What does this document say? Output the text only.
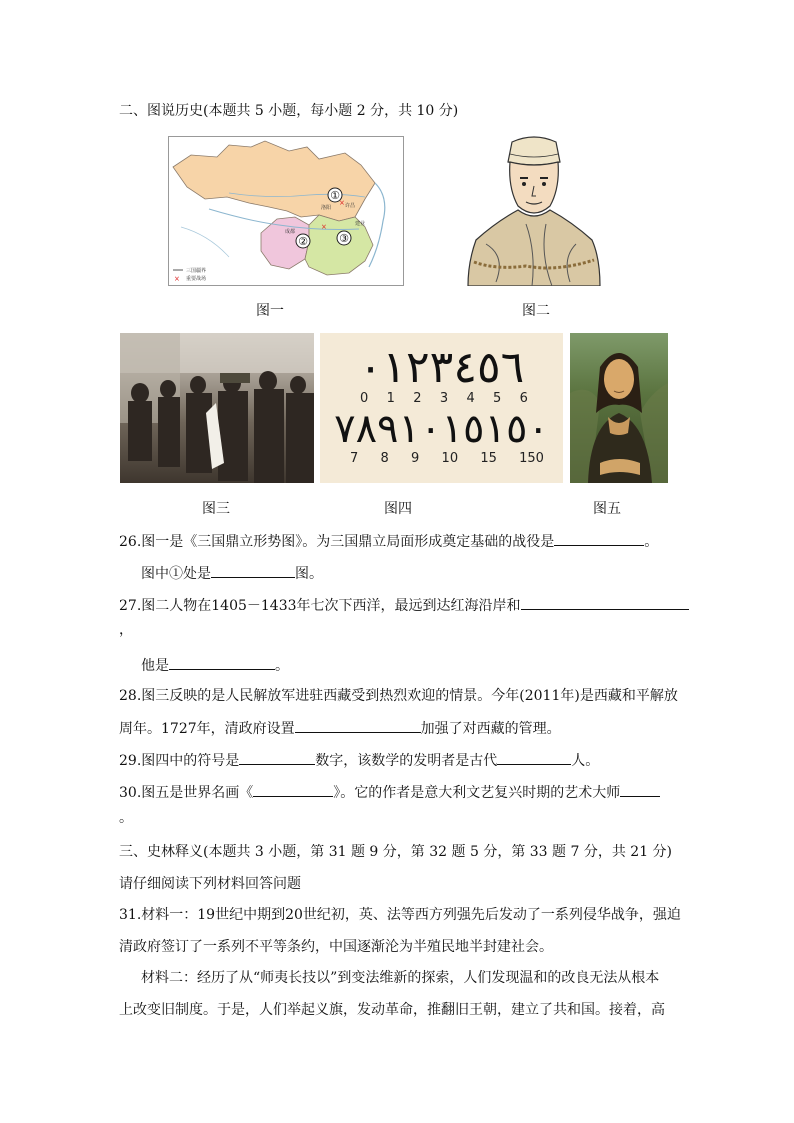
二、图说历史(本题共 5 小题，每小题 2 分，共 10 分)
①
②	③
洛阳	许昌
建业
成都
×
×
三国疆界
× 重要战场
图一	图二
图三
٠١٢٣٤٥٦
0 1 2 3 4 5 6
٧٨٩١٠١٥١٥٠
7 8 9 10 15 150
图四	图五
26.图一是《三国鼎立形势图》。为三国鼎立局面形成奠定基础的战役是	。
图中①处是	图。
27.图二人物在1405－1433年七次下西洋，最远到达红海沿岸和
，
他是	。
28.图三反映的是人民解放军进驻西藏受到热烈欢迎的情景。今年(2011年)是西藏和平解放
周年。1727年，清政府设置	加强了对西藏的管理。
29.图四中的符号是	数字，该数学的发明者是古代	人。
30.图五是世界名画《	》。它的作者是意大利文艺复兴时期的艺术大师
。
三、史林释义(本题共 3 小题，第 31 题 9 分，第 32 题 5 分，第 33 题 7 分，共 21 分)
请仔细阅读下列材料回答问题
31.材料一：19世纪中期到20世纪初，英、法等西方列强先后发动了一系列侵华战争，强迫
清政府签订了一系列不平等条约，中国逐渐沦为半殖民地半封建社会。
材料二：经历了从“师夷长技以”到变法维新的探索，人们发现温和的改良无法从根本
上改变旧制度。于是，人们举起义旗，发动革命，推翻旧王朝，建立了共和国。接着，高
